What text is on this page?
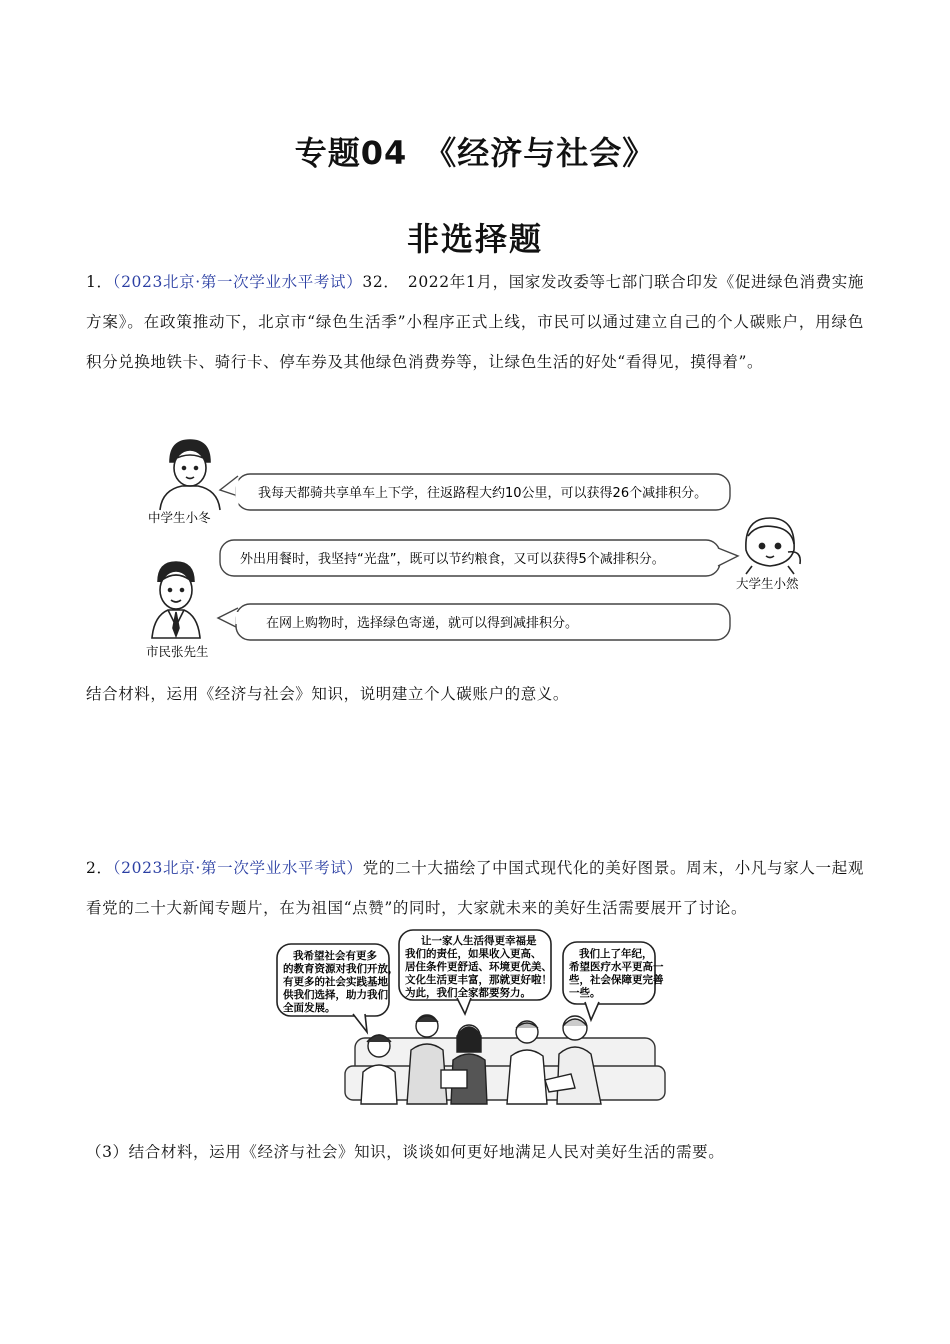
专题04　《经济与社会》
非选择题
1．（2023北京·第一次学业水平考试）32．　2022年1月，国家发改委等七部门联合印发《促进绿色消费实施方案》。在政策推动下，北京市“绿色生活季”小程序正式上线，市民可以通过建立自己的个人碳账户，用绿色积分兑换地铁卡、骑行卡、停车券及其他绿色消费券等，让绿色生活的好处“看得见，摸得着”。
我每天都骑共享单车上下学，往返路程大约10公里，可以获得26个减排积分。
中学生小冬
外出用餐时，我坚持“光盘”，既可以节约粮食，又可以获得5个减排积分。
大学生小然
在网上购物时，选择绿色寄递，就可以得到减排积分。
市民张先生
结合材料，运用《经济与社会》知识，说明建立个人碳账户的意义。
2．（2023北京·第一次学业水平考试）党的二十大描绘了中国式现代化的美好图景。周末，小凡与家人一起观看党的二十大新闻专题片，在为祖国“点赞”的同时，大家就未来的美好生活需要展开了讨论。
我希望社会有更多
的教育资源对我们开放，
有更多的社会实践基地
供我们选择，助力我们
全面发展。
让一家人生活得更幸福是
我们的责任，如果收入更高、
居住条件更舒适、环境更优美、
文化生活更丰富，那就更好啦！
为此，我们全家都要努力。
我们上了年纪，
希望医疗水平更高一
些，社会保障更完善
一些。
（3）结合材料，运用《经济与社会》知识，谈谈如何更好地满足人民对美好生活的需要。
